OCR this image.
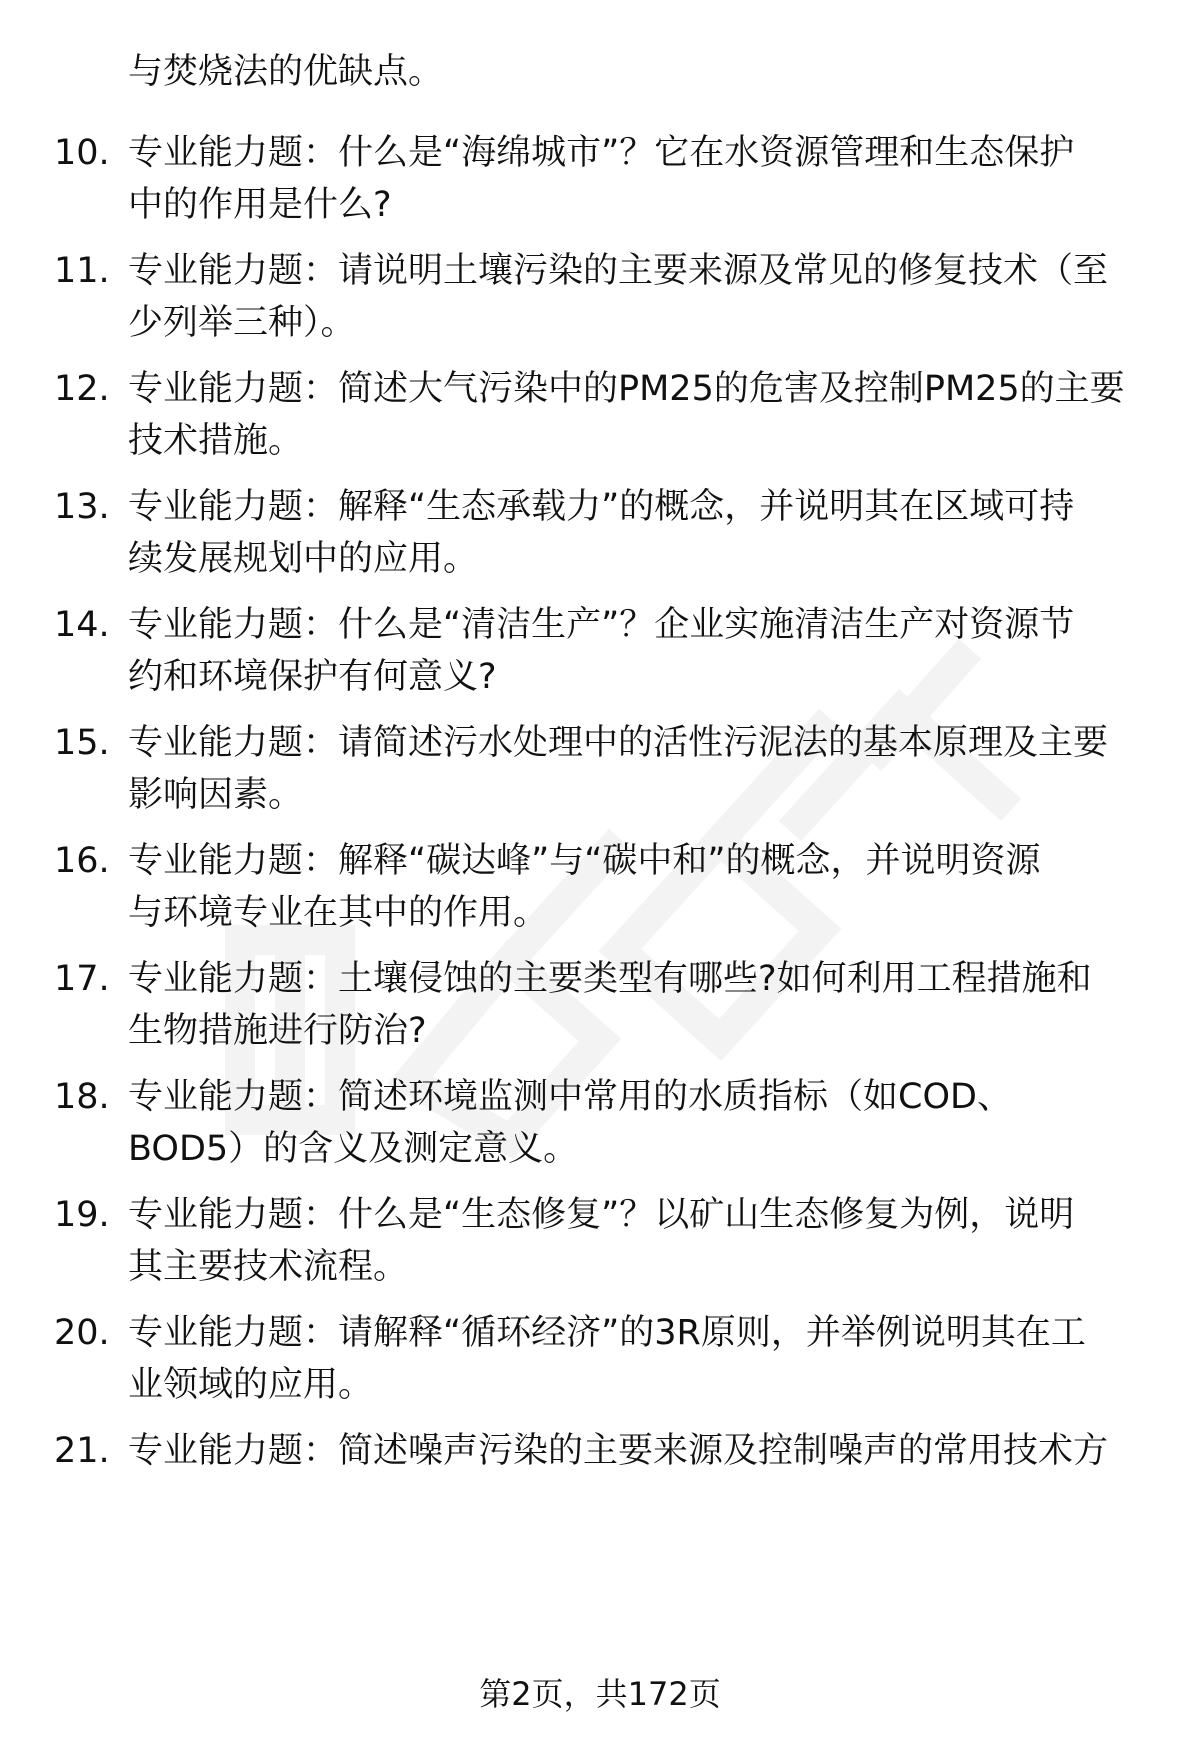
与焚烧法的优缺点。
10. 专业能力题：什么是“海绵城市”？它在水资源管理和生态保护
中的作用是什么?
11. 专业能力题：请说明土壤污染的主要来源及常见的修复技术（至
少列举三种）。
12. 专业能力题：简述大气污染中的PM25的危害及控制PM25的主要
技术措施。
13. 专业能力题：解释“生态承载力”的概念，并说明其在区域可持
续发展规划中的应用。
14. 专业能力题：什么是“清洁生产”？企业实施清洁生产对资源节
约和环境保护有何意义?
15. 专业能力题：请简述污水处理中的活性污泥法的基本原理及主要
影响因素。
16. 专业能力题：解释“碳达峰”与“碳中和”的概念，并说明资源
与环境专业在其中的作用。
17. 专业能力题：土壤侵蚀的主要类型有哪些?如何利用工程措施和
生物措施进行防治?
18. 专业能力题：简述环境监测中常用的水质指标（如COD、
BOD5）的含义及测定意义。
19. 专业能力题：什么是“生态修复”？以矿山生态修复为例，说明
其主要技术流程。
20. 专业能力题：请解释“循环经济”的3R原则，并举例说明其在工
业领域的应用。
21. 专业能力题：简述噪声污染的主要来源及控制噪声的常用技术方
第2页，共172页
